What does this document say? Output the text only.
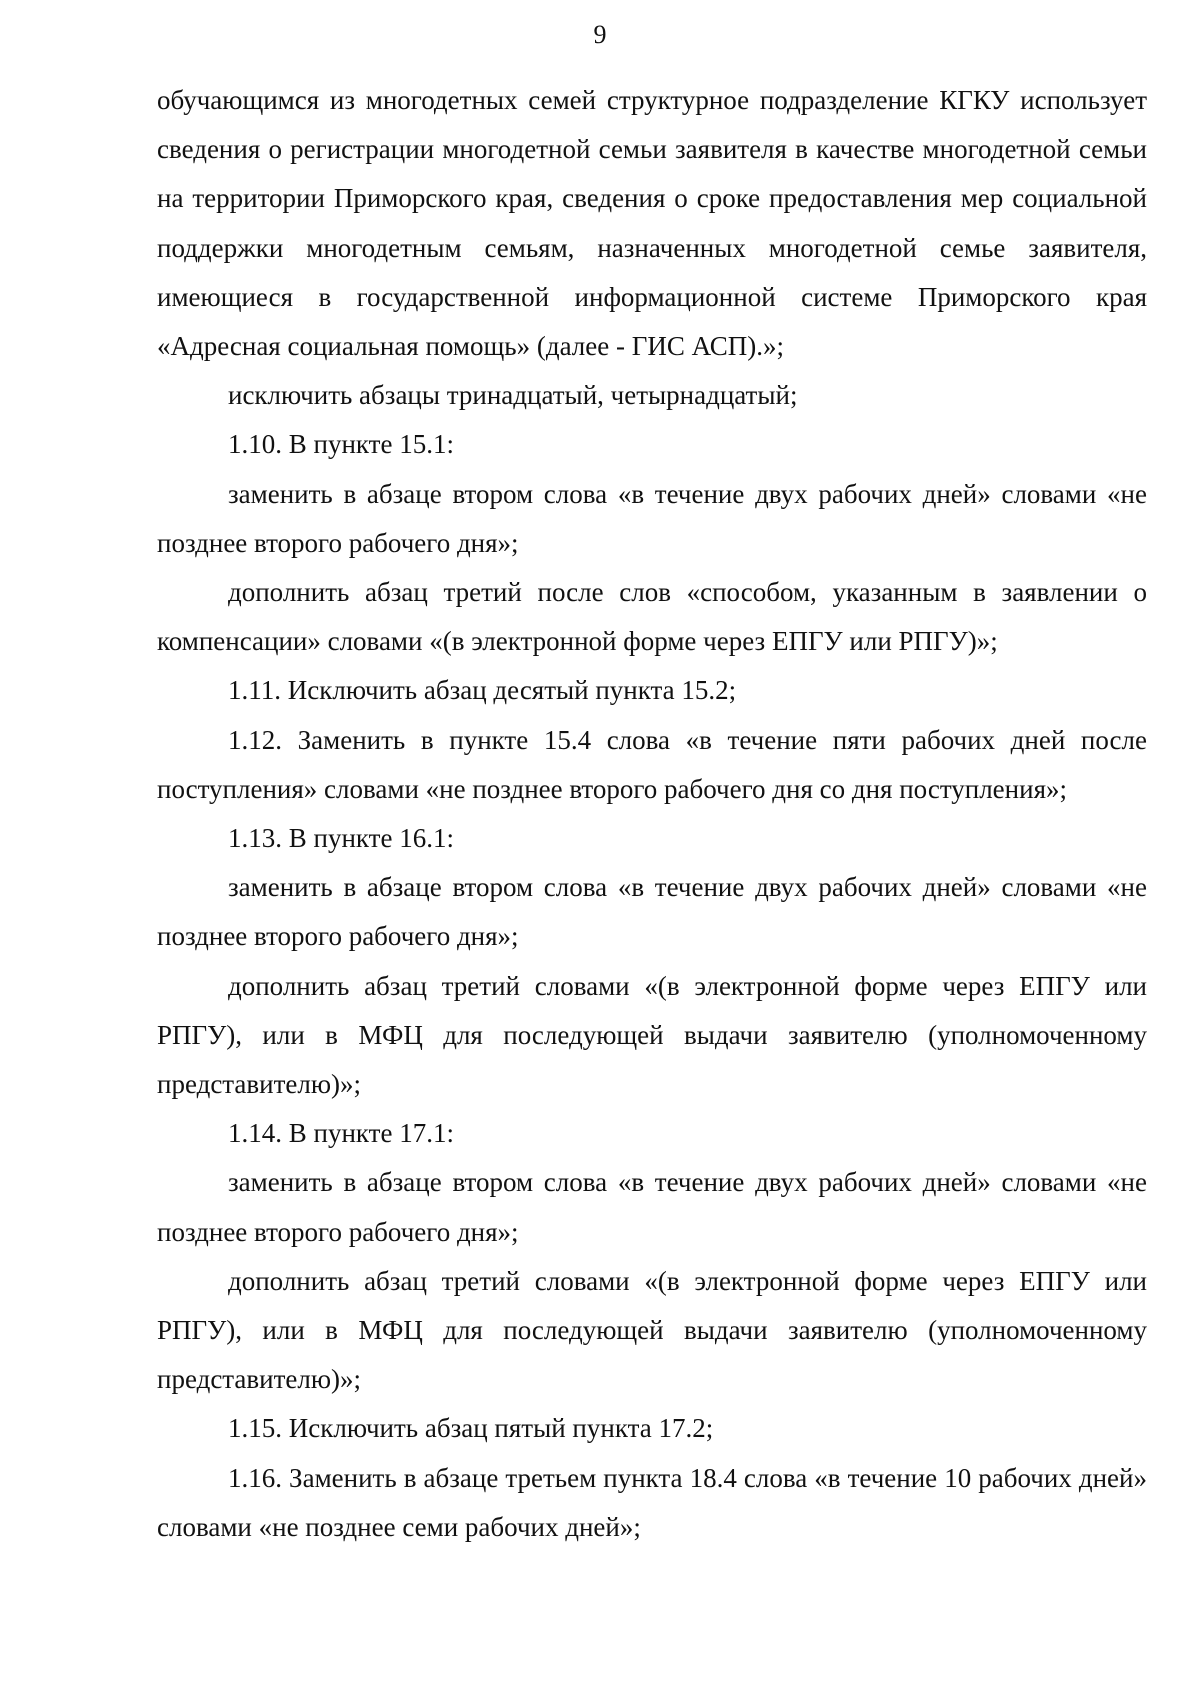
9

обучающимся из многодетных семей структурное подразделение КГКУ использует сведения о регистрации многодетной семьи заявителя в качестве многодетной семьи на территории Приморского края, сведения о сроке предоставления мер социальной поддержки многодетным семьям, назначенных многодетной семье заявителя, имеющиеся в государственной информационной системе Приморского края «Адресная социальная помощь» (далее - ГИС АСП).»;

исключить абзацы тринадцатый, четырнадцатый;

1.10. В пункте 15.1:

заменить в абзаце втором слова «в течение двух рабочих дней» словами «не позднее второго рабочего дня»;

дополнить абзац третий после слов «способом, указанным в заявлении о компенсации» словами «(в электронной форме через ЕПГУ или РПГУ)»;

1.11. Исключить абзац десятый пункта 15.2;

1.12. Заменить в пункте 15.4 слова «в течение пяти рабочих дней после поступления» словами «не позднее второго рабочего дня со дня поступления»;

1.13. В пункте 16.1:

заменить в абзаце втором слова «в течение двух рабочих дней» словами «не позднее второго рабочего дня»;

дополнить абзац третий словами «(в электронной форме через ЕПГУ или РПГУ), или в МФЦ для последующей выдачи заявителю (уполномоченному представителю)»;

1.14. В пункте 17.1:

заменить в абзаце втором слова «в течение двух рабочих дней» словами «не позднее второго рабочего дня»;

дополнить абзац третий словами «(в электронной форме через ЕПГУ или РПГУ), или в МФЦ для последующей выдачи заявителю (уполномоченному представителю)»;

1.15. Исключить абзац пятый пункта 17.2;

1.16. Заменить в абзаце третьем пункта 18.4 слова «в течение 10 рабочих дней» словами «не позднее семи рабочих дней»;
